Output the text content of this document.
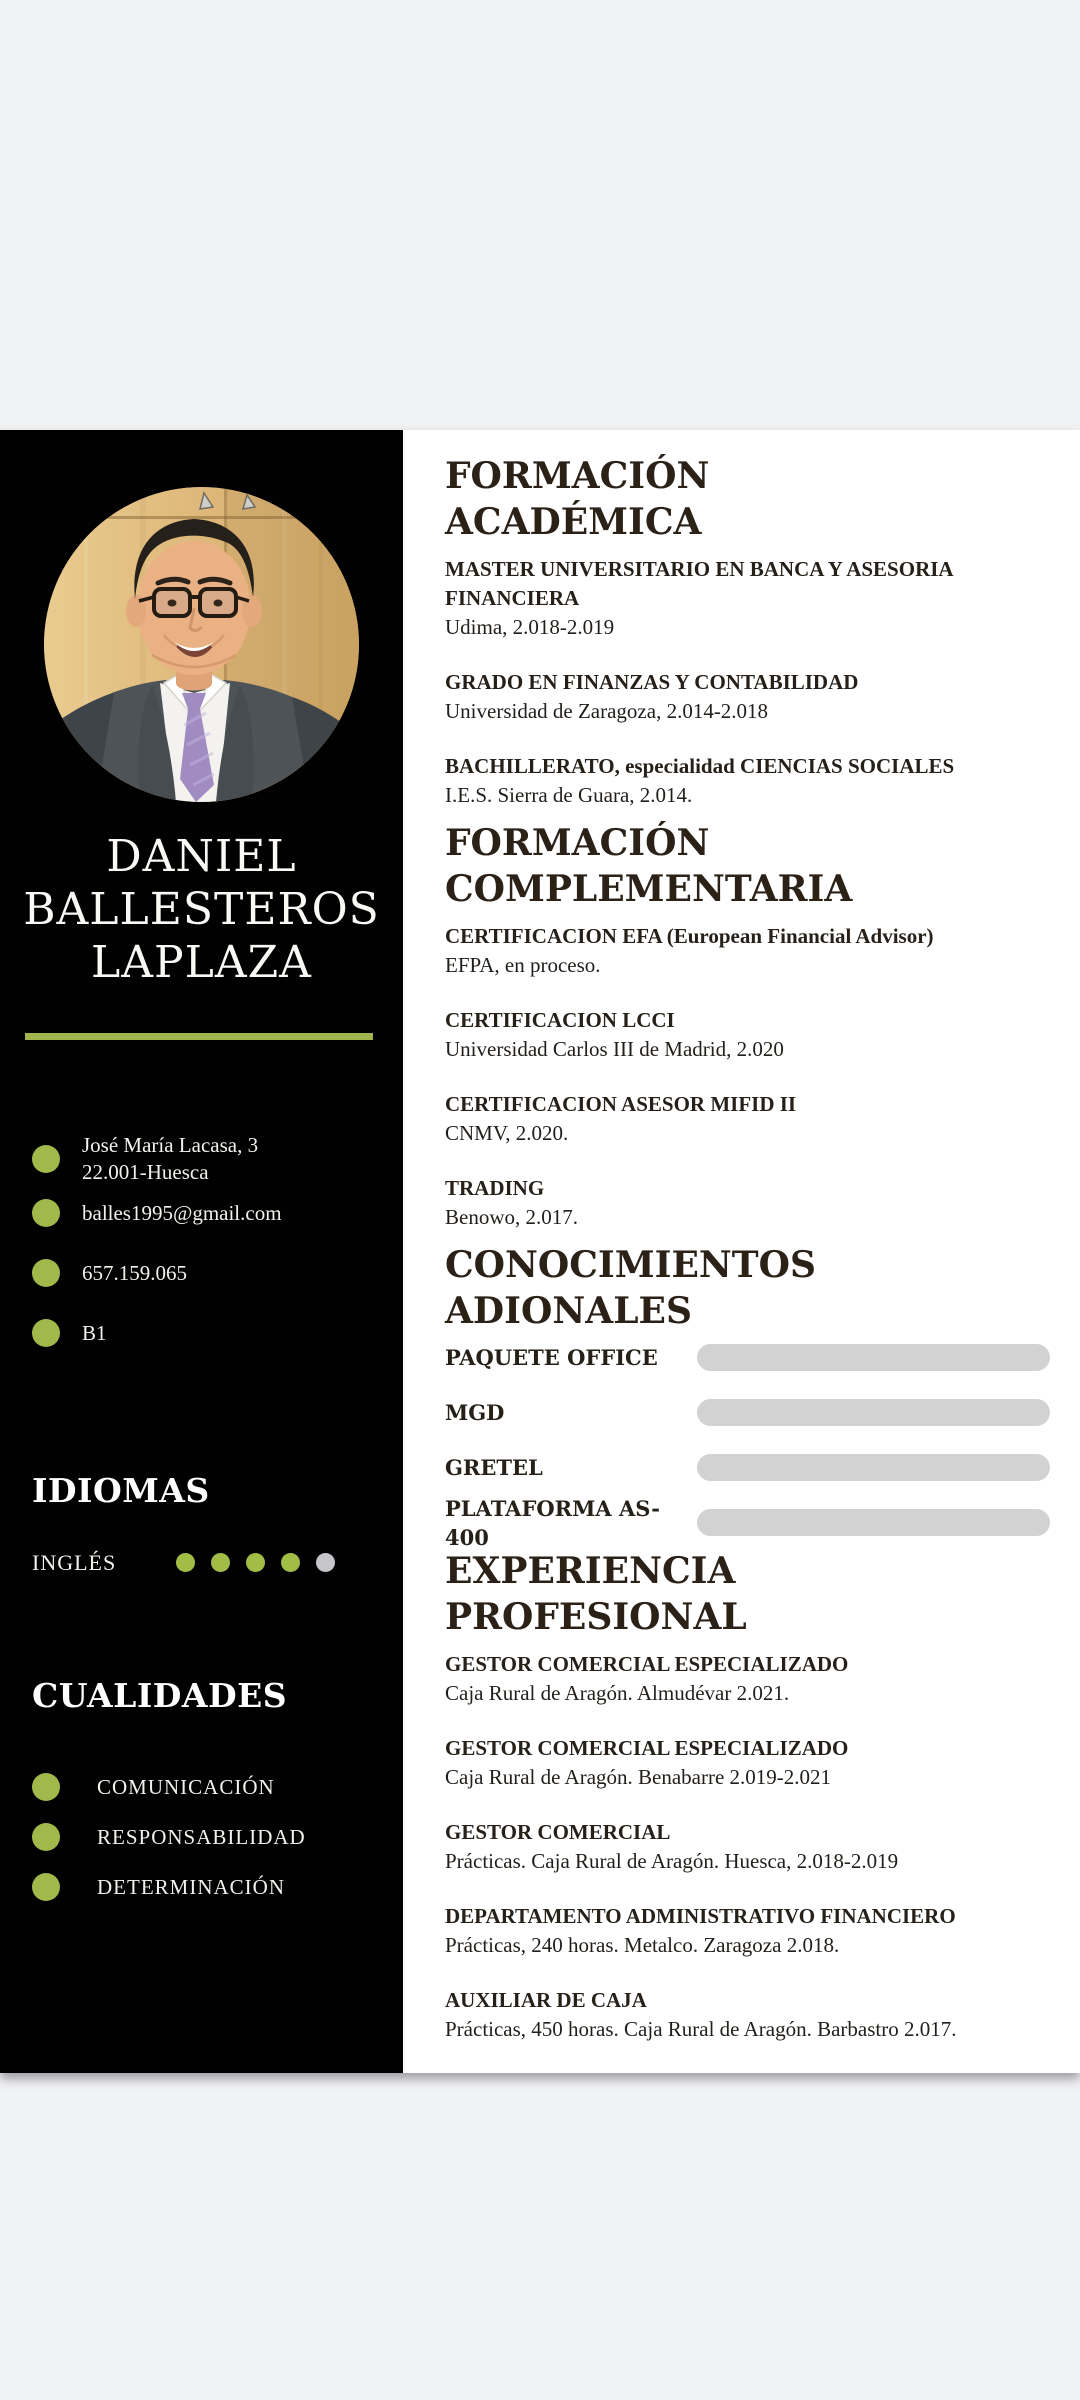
DANIEL
BALLESTEROS
LAPLAZA
José María Lacasa, 3
22.001-Huesca
balles1995@gmail.com
657.159.065
B1
IDIOMAS
INGLÉS
CUALIDADES
COMUNICACIÓN
RESPONSABILIDAD
DETERMINACIÓN
FORMACIÓN
ACADÉMICA
MASTER UNIVERSITARIO EN BANCA Y ASESORIA FINANCIERA
Udima, 2.018-2.019
GRADO EN FINANZAS Y CONTABILIDAD
Universidad de Zaragoza, 2.014-2.018
BACHILLERATO, especialidad CIENCIAS SOCIALES
I.E.S. Sierra de Guara, 2.014.
FORMACIÓN
COMPLEMENTARIA
CERTIFICACION EFA (European Financial Advisor)
EFPA, en proceso.
CERTIFICACION LCCI
Universidad Carlos III de Madrid, 2.020
CERTIFICACION ASESOR MIFID II
CNMV, 2.020.
TRADING
Benowo, 2.017.
CONOCIMIENTOS
ADIONALES
PAQUETE OFFICE
MGD
GRETEL
PLATAFORMA AS-400
EXPERIENCIA
PROFESIONAL
GESTOR COMERCIAL ESPECIALIZADO
Caja Rural de Aragón. Almudévar 2.021.
GESTOR COMERCIAL ESPECIALIZADO
Caja Rural de Aragón. Benabarre 2.019-2.021
GESTOR COMERCIAL
Prácticas. Caja Rural de Aragón. Huesca, 2.018-2.019
DEPARTAMENTO ADMINISTRATIVO FINANCIERO
Prácticas, 240 horas. Metalco. Zaragoza 2.018.
AUXILIAR DE CAJA
Prácticas, 450 horas. Caja Rural de Aragón. Barbastro 2.017.
